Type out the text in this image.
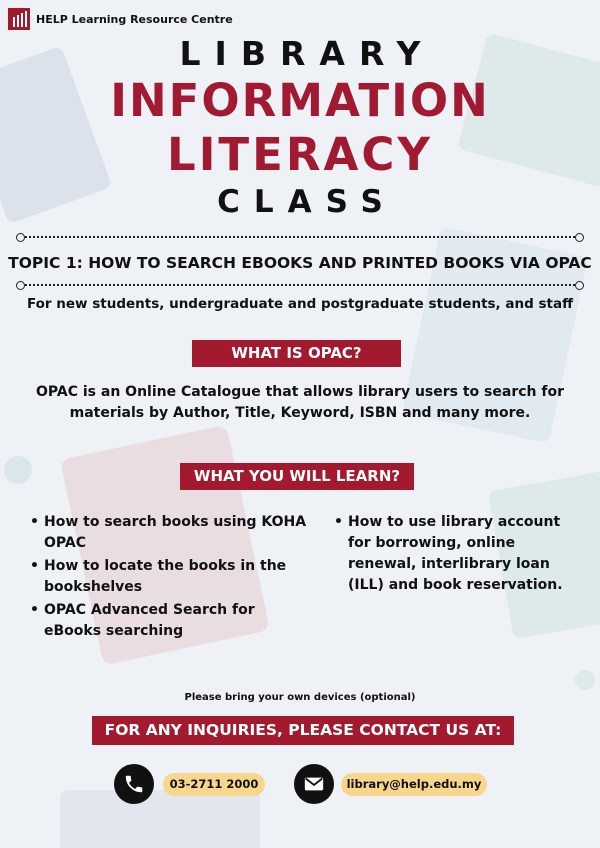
HELP Learning Resource Centre
LIBRARY
INFORMATION
LITERACY
CLASS
TOPIC 1: HOW TO SEARCH EBOOKS AND PRINTED BOOKS VIA OPAC
For new students, undergraduate and postgraduate students, and staff
WHAT IS OPAC?
OPAC is an Online Catalogue that allows library users to search for materials by Author, Title, Keyword, ISBN and many more.
WHAT YOU WILL LEARN?
• How to search books using KOHA OPAC
• How to locate the books in the bookshelves
• OPAC Advanced Search for eBooks searching
• How to use library account for borrowing, online renewal, interlibrary loan (ILL) and book reservation.
Please bring your own devices (optional)
FOR ANY INQUIRIES, PLEASE CONTACT US AT:
03-2711 2000	library@help.edu.my
